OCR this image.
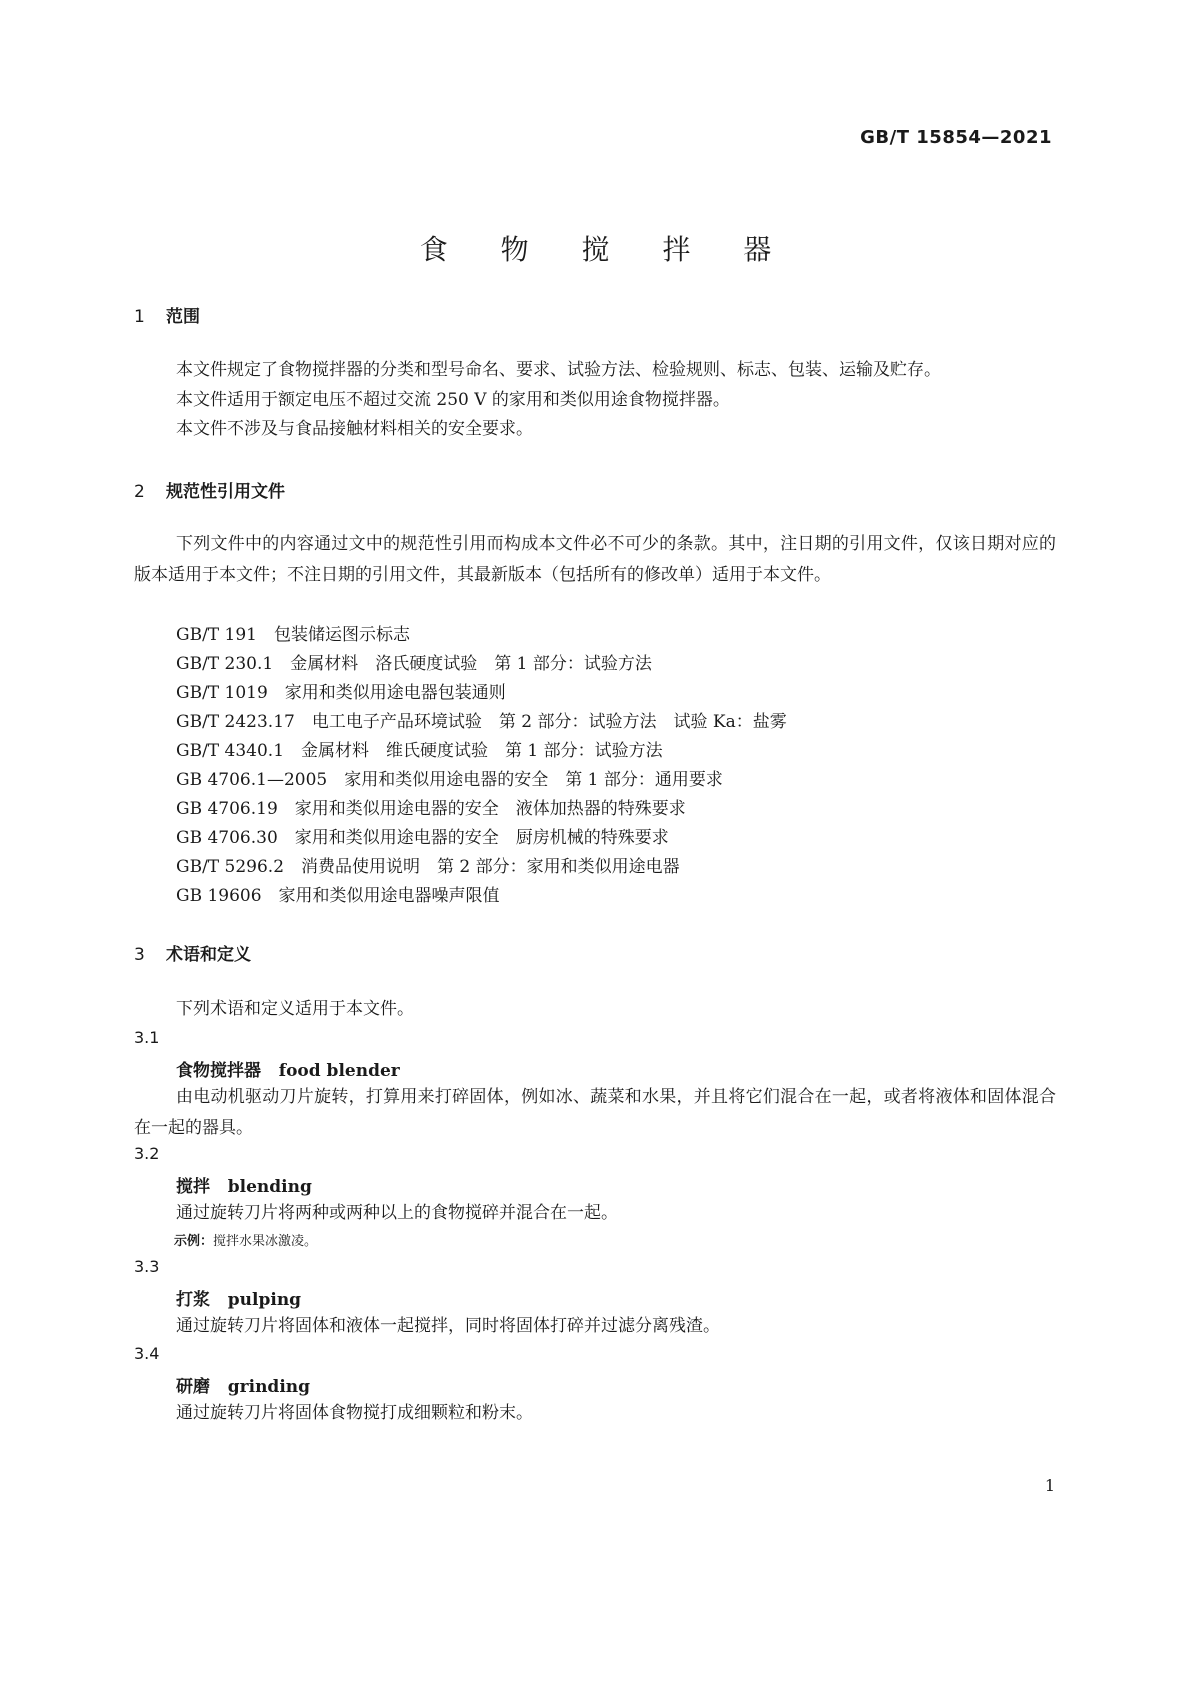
GB/T 15854—2021
食 物 搅 拌 器
1 范围
本文件规定了食物搅拌器的分类和型号命名、要求、试验方法、检验规则、标志、包装、运输及贮存。
本文件适用于额定电压不超过交流 250 V 的家用和类似用途食物搅拌器。
本文件不涉及与食品接触材料相关的安全要求。
2 规范性引用文件
下列文件中的内容通过文中的规范性引用而构成本文件必不可少的条款。其中，注日期的引用文件，仅该日期对应的版本适用于本文件；不注日期的引用文件，其最新版本（包括所有的修改单）适用于本文件。
GB/T 191　包装储运图示标志
GB/T 230.1　金属材料　洛氏硬度试验　第 1 部分：试验方法
GB/T 1019　家用和类似用途电器包装通则
GB/T 2423.17　电工电子产品环境试验　第 2 部分：试验方法　试验 Ka：盐雾
GB/T 4340.1　金属材料　维氏硬度试验　第 1 部分：试验方法
GB 4706.1—2005　家用和类似用途电器的安全　第 1 部分：通用要求
GB 4706.19　家用和类似用途电器的安全　液体加热器的特殊要求
GB 4706.30　家用和类似用途电器的安全　厨房机械的特殊要求
GB/T 5296.2　消费品使用说明　第 2 部分：家用和类似用途电器
GB 19606　家用和类似用途电器噪声限值
3 术语和定义
下列术语和定义适用于本文件。
3.1
食物搅拌器 food blender
由电动机驱动刀片旋转，打算用来打碎固体，例如冰、蔬菜和水果，并且将它们混合在一起，或者将液体和固体混合在一起的器具。
3.2
搅拌 blending
通过旋转刀片将两种或两种以上的食物搅碎并混合在一起。
示例：搅拌水果冰激凌。
3.3
打浆 pulping
通过旋转刀片将固体和液体一起搅拌，同时将固体打碎并过滤分离残渣。
3.4
研磨 grinding
通过旋转刀片将固体食物搅打成细颗粒和粉末。
1
